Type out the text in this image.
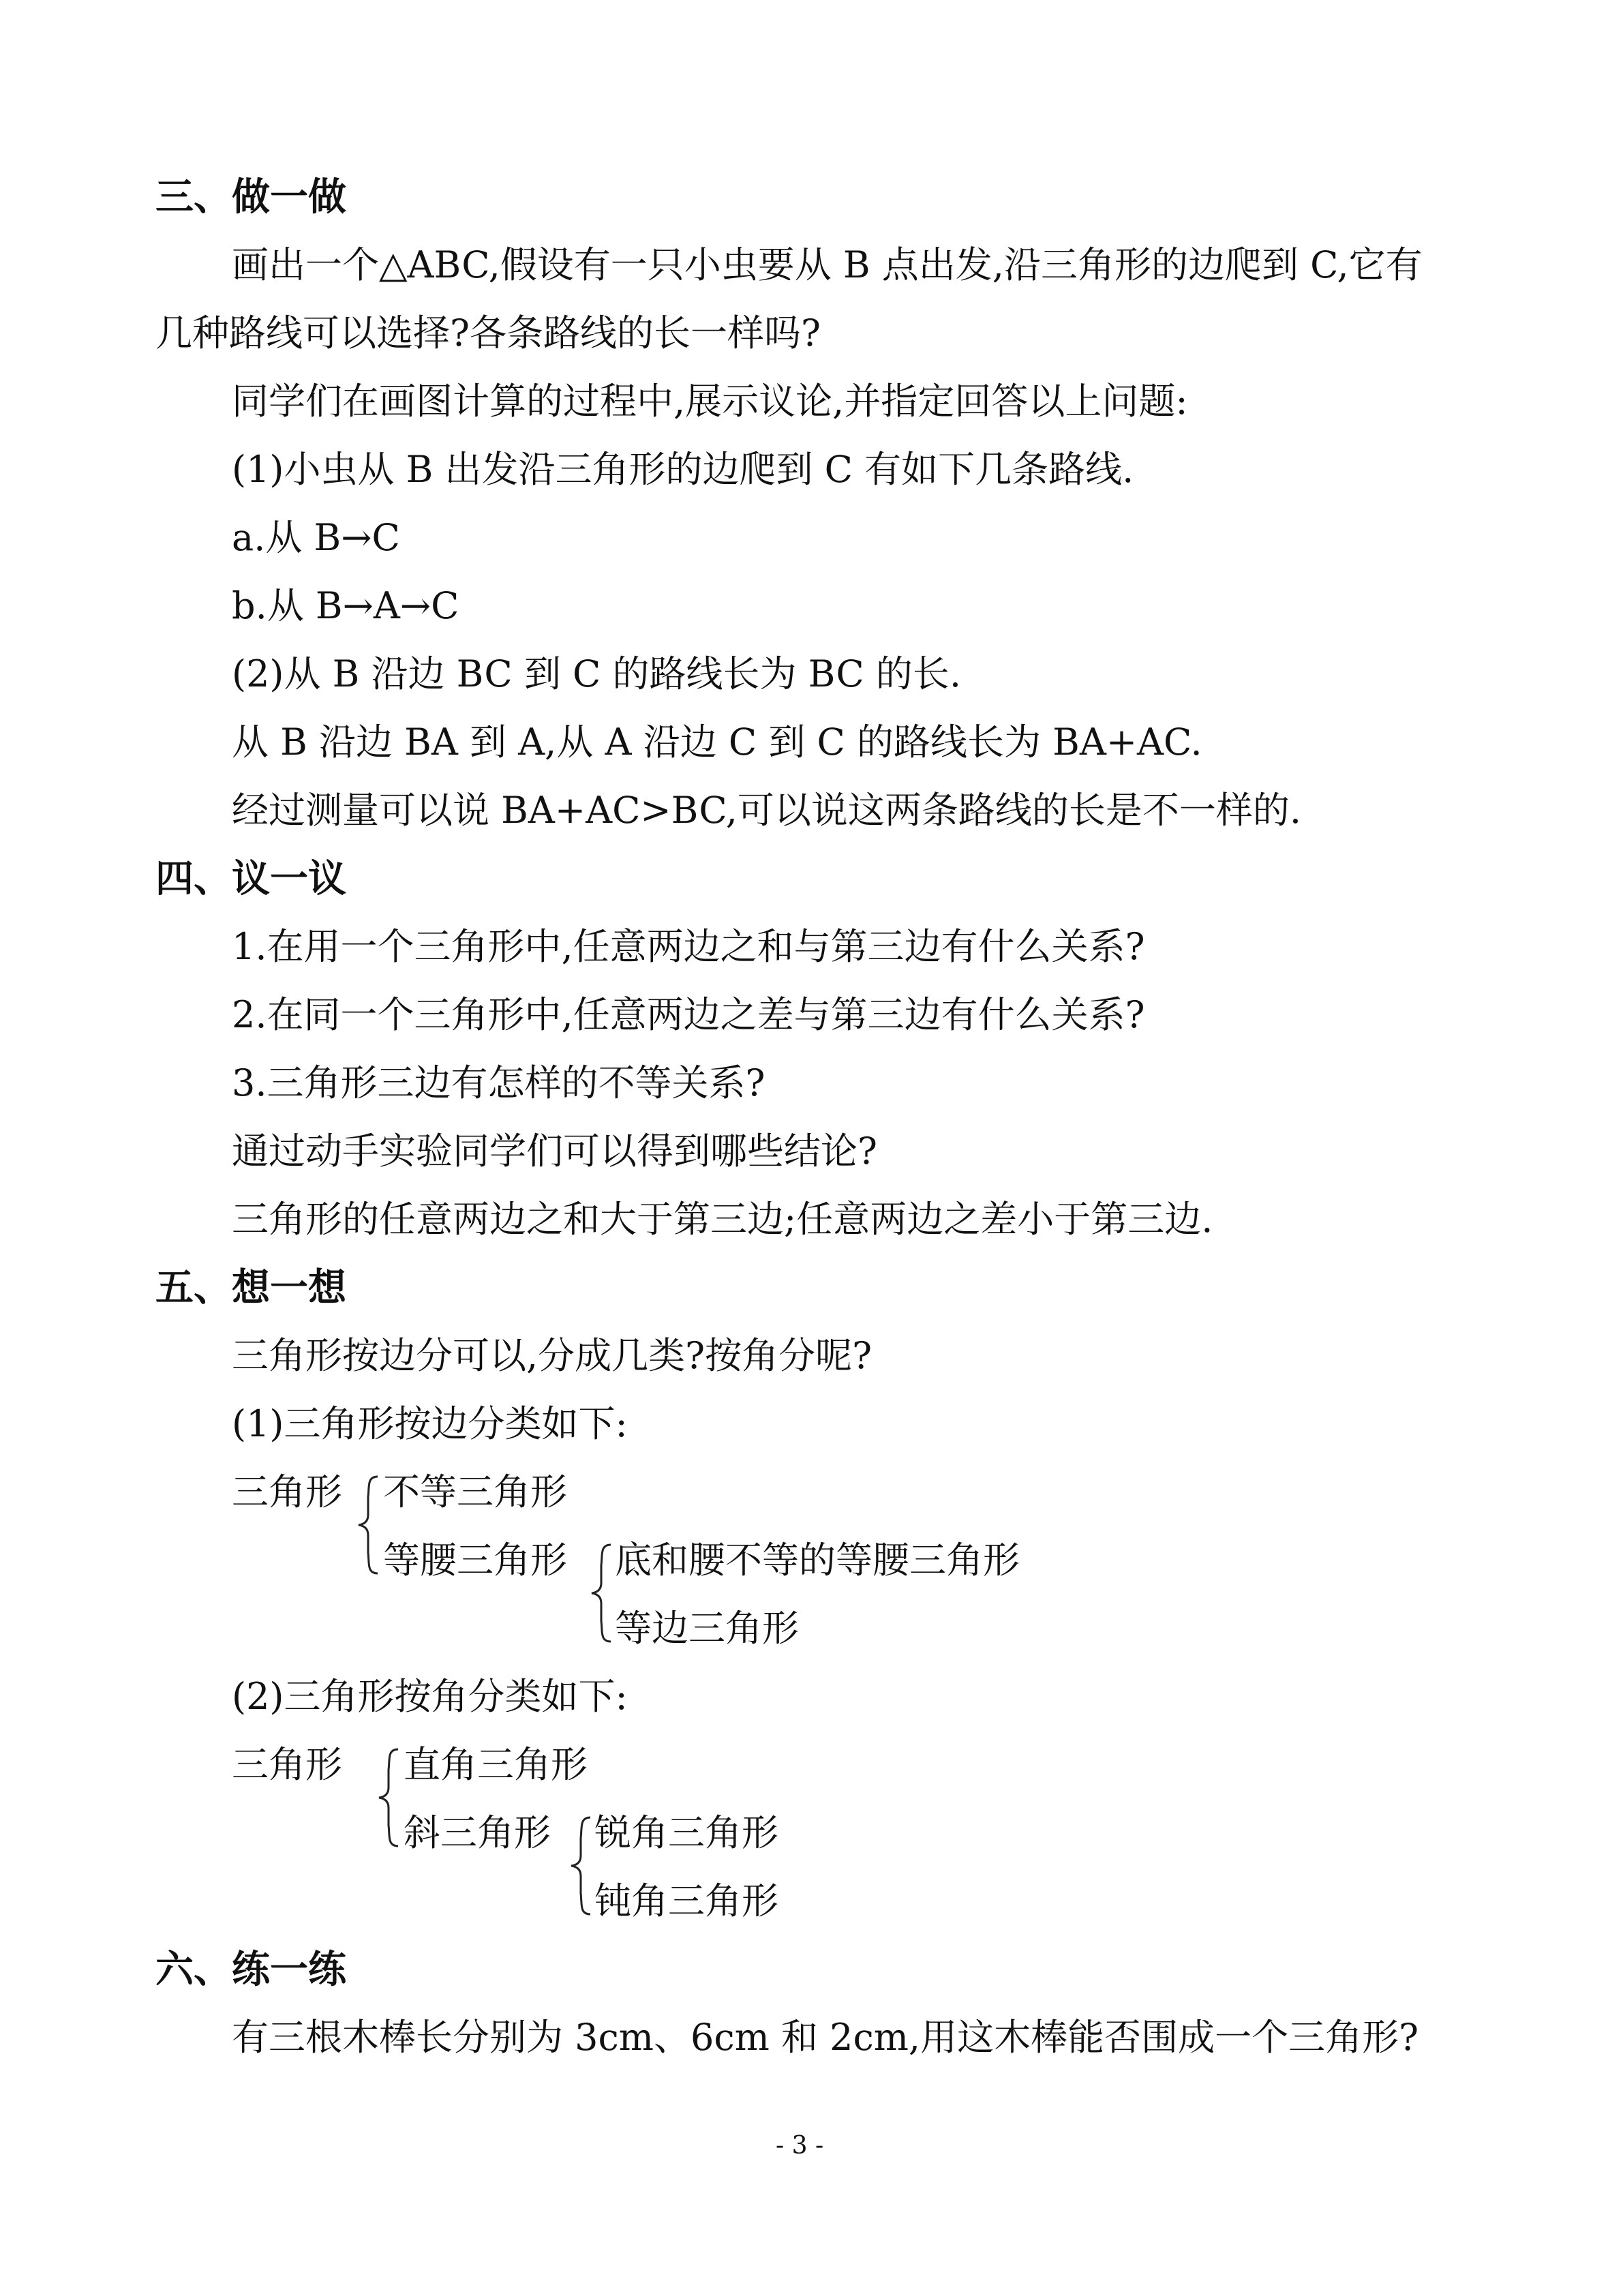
三、做一做
画出一个△ABC,假设有一只小虫要从 B 点出发,沿三角形的边爬到 C,它有
几种路线可以选择?各条路线的长一样吗?
同学们在画图计算的过程中,展示议论,并指定回答以上问题:
(1)小虫从 B 出发沿三角形的边爬到 C 有如下几条路线.
a.从 B→C
b.从 B→A→C
(2)从 B 沿边 BC 到 C 的路线长为 BC 的长.
从 B 沿边 BA 到 A,从 A 沿边 C 到 C 的路线长为 BA+AC.
经过测量可以说 BA+AC>BC,可以说这两条路线的长是不一样的.
四、议一议
1.在用一个三角形中,任意两边之和与第三边有什么关系?
2.在同一个三角形中,任意两边之差与第三边有什么关系?
3.三角形三边有怎样的不等关系?
通过动手实验同学们可以得到哪些结论?
三角形的任意两边之和大于第三边;任意两边之差小于第三边.
五、想一想
三角形按边分可以,分成几类?按角分呢?
(1)三角形按边分类如下:
三角形 不等三角形
等腰三角形 底和腰不等的等腰三角形
等边三角形
(2)三角形按角分类如下:
三角形 直角三角形
斜三角形 锐角三角形
钝角三角形
六、练一练
有三根木棒长分别为 3cm、6cm 和 2cm,用这木棒能否围成一个三角形?
- 3 -
